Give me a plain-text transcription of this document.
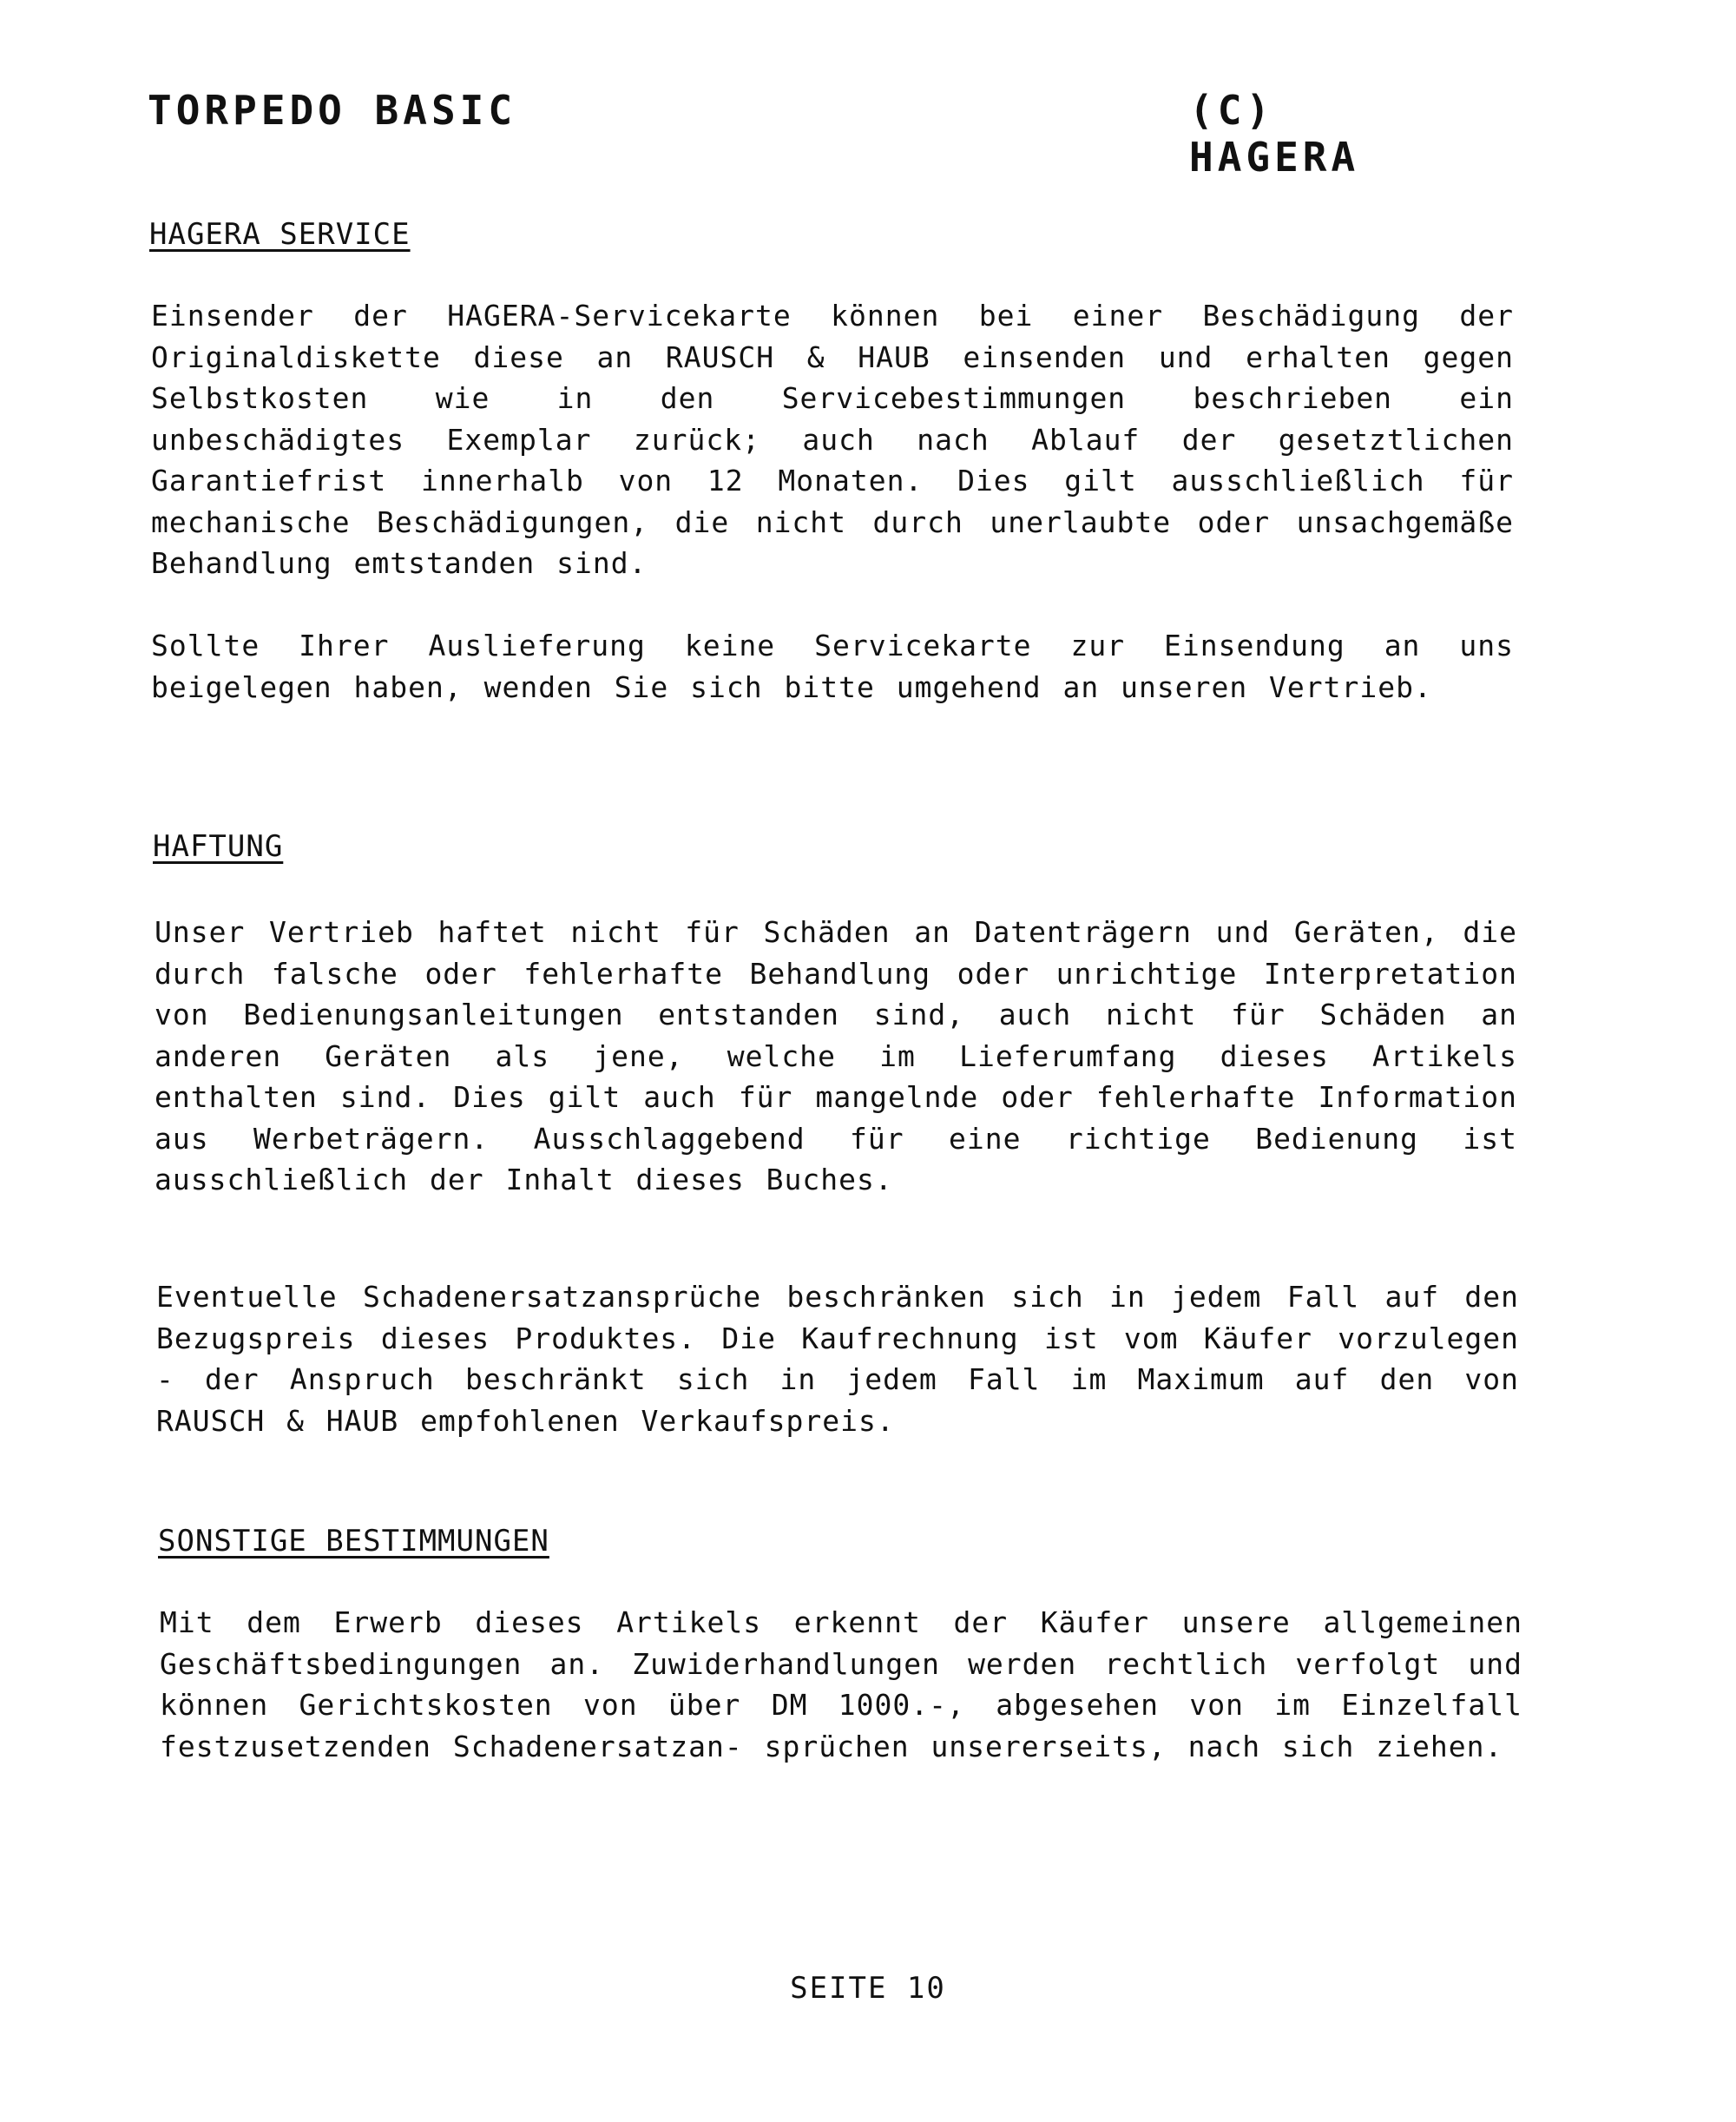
TORPEDO BASIC	(C) HAGERA
HAGERA SERVICE
Einsender der HAGERA-Servicekarte können bei einer Beschädigung der Originaldiskette diese an RAUSCH & HAUB einsenden und erhalten gegen Selbstkosten wie in den Servicebestimmungen beschrieben ein unbeschädigtes Exemplar zurück; auch nach Ablauf der gesetztlichen Garantiefrist innerhalb von 12 Monaten. Dies gilt ausschließlich für mechanische Beschädigungen, die nicht durch unerlaubte oder unsachgemäße Behandlung emtstanden sind.
Sollte Ihrer Auslieferung keine Servicekarte zur Einsendung an uns beigelegen haben, wenden Sie sich bitte umgehend an unseren Vertrieb.
HAFTUNG
Unser Vertrieb haftet nicht für Schäden an Datenträgern und Geräten, die durch falsche oder fehlerhafte Behandlung oder unrichtige Interpretation von Bedienungsanleitungen entstanden sind, auch nicht für Schäden an anderen Geräten als jene, welche im Lieferumfang dieses Artikels enthalten sind. Dies gilt auch für mangelnde oder fehlerhafte Information aus Werbeträgern. Ausschlaggebend für eine richtige Bedienung ist ausschließlich der Inhalt dieses Buches.
Eventuelle Schadenersatzansprüche beschränken sich in jedem Fall auf den Bezugspreis dieses Produktes. Die Kaufrechnung ist vom Käufer vorzulegen - der Anspruch beschränkt sich in jedem Fall im Maximum auf den von RAUSCH & HAUB empfohlenen Verkaufspreis.
SONSTIGE BESTIMMUNGEN
Mit dem Erwerb dieses Artikels erkennt der Käufer unsere allgemeinen Geschäftsbedingungen an. Zuwiderhandlungen werden rechtlich verfolgt und können Gerichtskosten von über DM 1000.-, abgesehen von im Einzelfall festzusetzenden Schadenersatzan- sprüchen unsererseits, nach sich ziehen.
SEITE 10
